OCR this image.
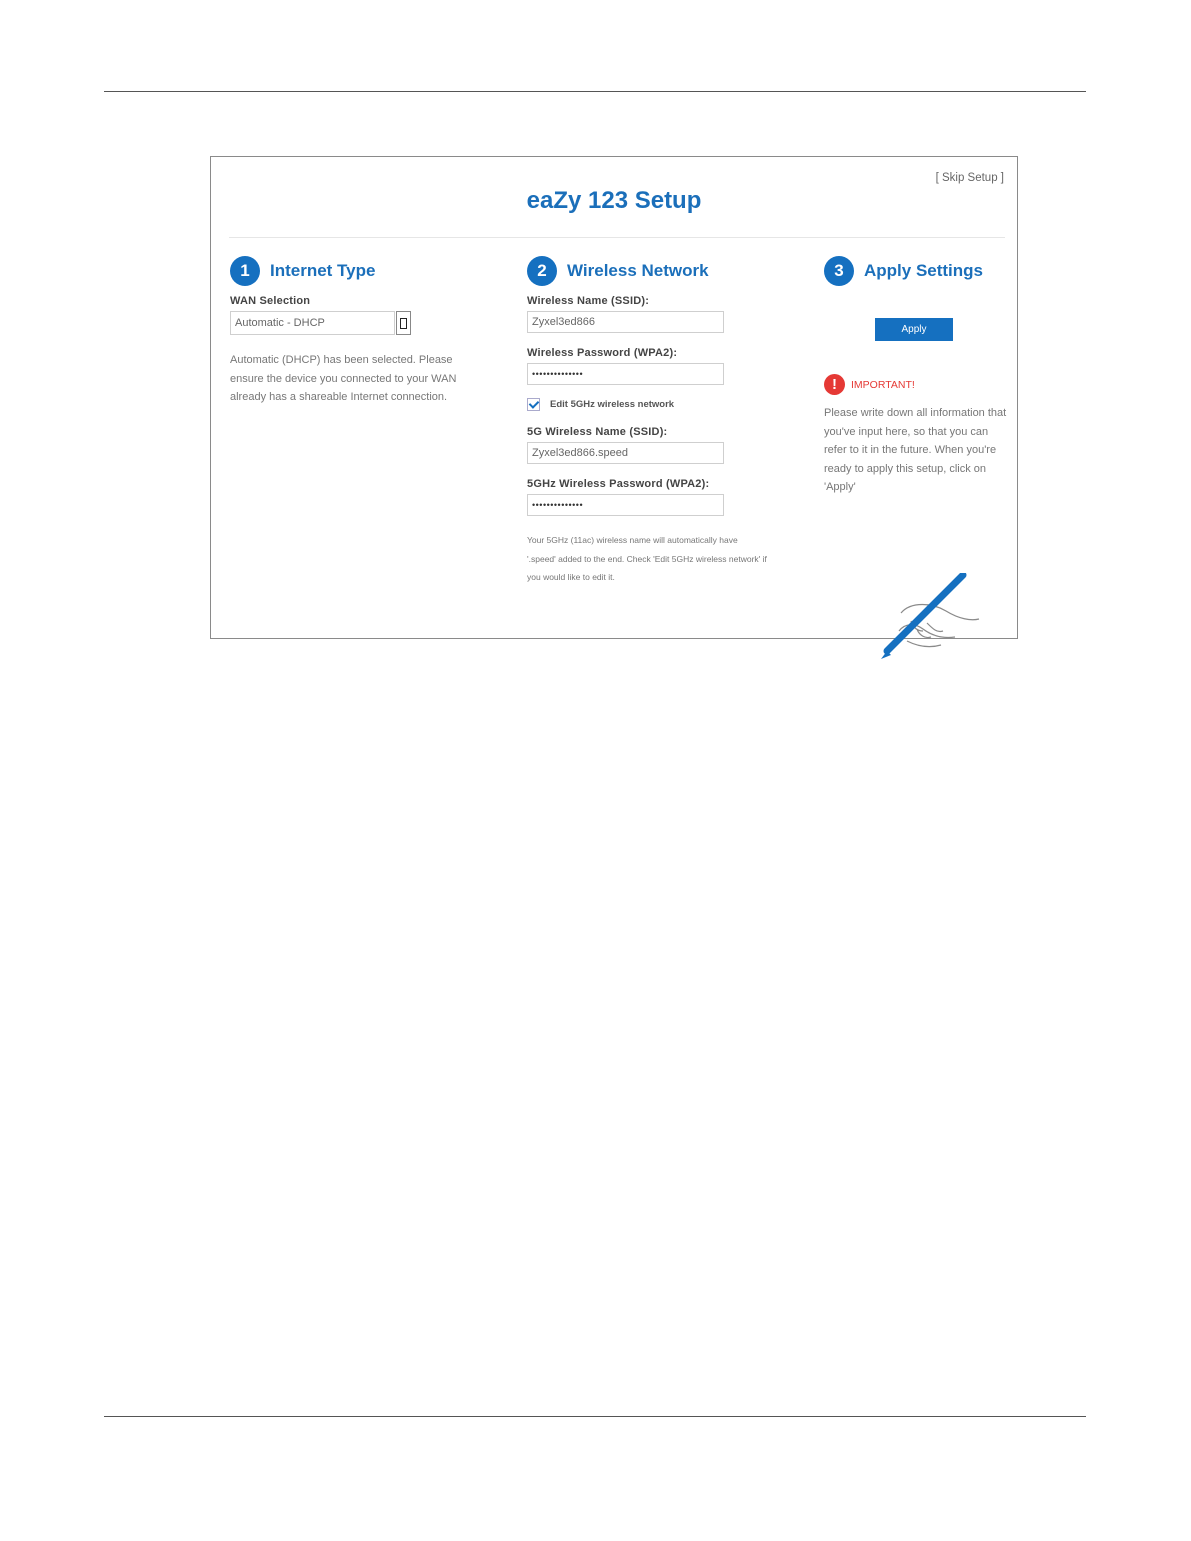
[ Skip Setup ]
eaZy 123 Setup
1	Internet Type
WAN Selection
Automatic - DHCP
Automatic (DHCP) has been selected. Please ensure the device you connected to your WAN already has a shareable Internet connection.
2	Wireless Network
Wireless Name (SSID):
Zyxel3ed866
Wireless Password (WPA2):
••••••••••••••
Edit 5GHz wireless network
5G Wireless Name (SSID):
Zyxel3ed866.speed
5GHz Wireless Password (WPA2):
••••••••••••••
Your 5GHz (11ac) wireless name will automatically have '.speed' added to the end. Check 'Edit 5GHz wireless network' if you would like to edit it.
3	Apply Settings
Apply
!	IMPORTANT!
Please write down all information that you've input here, so that you can refer to it in the future. When you're ready to apply this setup, click on 'Apply'
